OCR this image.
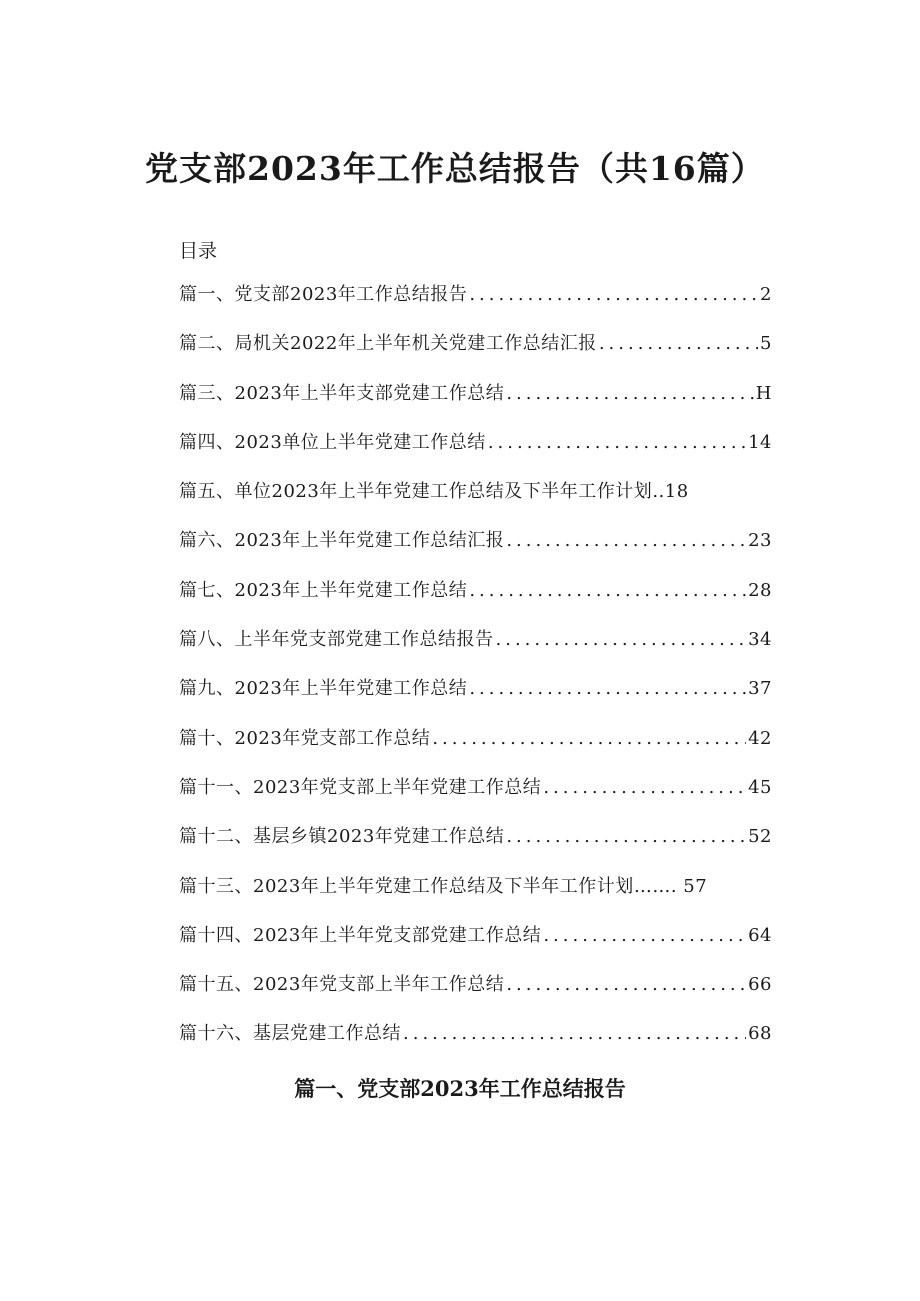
党支部2023年工作总结报告（共16篇）
目录
篇一、党支部2023年工作总结报告 .....	2
篇二、局机关2022年上半年机关党建工作总结汇报 .....	5
篇三、2023年上半年支部党建工作总结 .....	H
篇四、2023单位上半年党建工作总结 .....	14
篇五、单位2023年上半年党建工作总结及下半年工作计划 ..18
篇六、2023年上半年党建工作总结汇报 .....	23
篇七、2023年上半年党建工作总结 .....	28
篇八、上半年党支部党建工作总结报告 .....	34
篇九、2023年上半年党建工作总结 .....	37
篇十、2023年党支部工作总结 .....	42
篇十一、2023年党支部上半年党建工作总结 .....	45
篇十二、基层乡镇2023年党建工作总结 .....	52
篇十三、2023年上半年党建工作总结及下半年工作计划 ……. 57
篇十四、2023年上半年党支部党建工作总结 .....	64
篇十五、2023年党支部上半年工作总结 .....	66
篇十六、基层党建工作总结 .....	68
篇一、党支部2023年工作总结报告
